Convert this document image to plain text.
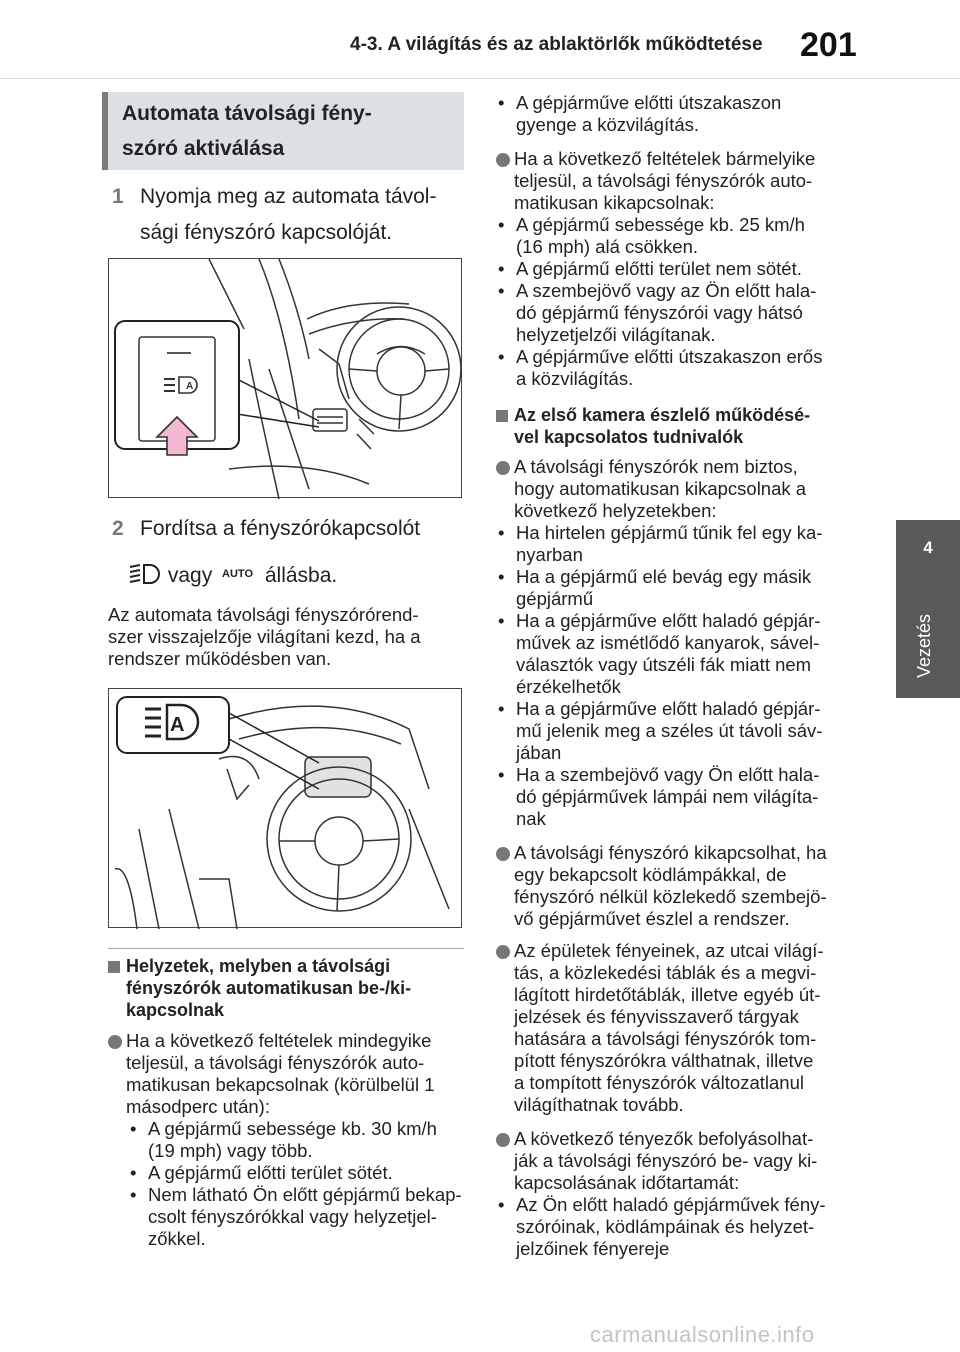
4-3. A világítás és az ablaktörlők működtetése 201
4
Vezetés
Automata távolsági fény-
szóró aktiválása
1 Nyomja meg az automata távol-
sági fényszóró kapcsolóját.
A
2 Fordítsa a fényszórókapcsolót
vagy $^{AUTO}$ állásba.
Az automata távolsági fényszórórend-
szer visszajelzője világítani kezd, ha a
rendszer működésben van.
A
Helyzetek, melyben a távolsági
fényszórók automatikusan be-/ki-
kapcsolnak
Ha a következő feltételek mindegyike
teljesül, a távolsági fényszórók auto-
matikusan bekapcsolnak (körülbelül 1
másodperc után):
• A gépjármű sebessége kb. 30 km/h
(19 mph) vagy több.
• A gépjármű előtti terület sötét.
• Nem látható Ön előtt gépjármű bekap-
csolt fényszórókkal vagy helyzetjel-
zőkkel.
• A gépjárműve előtti útszakaszon
gyenge a közvilágítás.
Ha a következő feltételek bármelyike
teljesül, a távolsági fényszórók auto-
matikusan kikapcsolnak:
• A gépjármű sebessége kb. 25 km/h
(16 mph) alá csökken.
• A gépjármű előtti terület nem sötét.
• A szembejövő vagy az Ön előtt hala-
dó gépjármű fényszórói vagy hátsó
helyzetjelzői világítanak.
• A gépjárműve előtti útszakaszon erős
a közvilágítás.
Az első kamera észlelő működésé-
vel kapcsolatos tudnivalók
A távolsági fényszórók nem biztos,
hogy automatikusan kikapcsolnak a
következő helyzetekben:
• Ha hirtelen gépjármű tűnik fel egy ka-
nyarban
• Ha a gépjármű elé bevág egy másik
gépjármű
• Ha a gépjárműve előtt haladó gépjár-
művek az ismétlődő kanyarok, sável-
választók vagy útszéli fák miatt nem
érzékelhetők
• Ha a gépjárműve előtt haladó gépjár-
mű jelenik meg a széles út távoli sáv-
jában
• Ha a szembejövő vagy Ön előtt hala-
dó gépjárművek lámpái nem világíta-
nak
A távolsági fényszóró kikapcsolhat, ha
egy bekapcsolt ködlámpákkal, de
fényszóró nélkül közlekedő szembejö-
vő gépjárművet észlel a rendszer.
Az épületek fényeinek, az utcai világí-
tás, a közlekedési táblák és a megvi-
lágított hirdetőtáblák, illetve egyéb út-
jelzések és fényvisszaverő tárgyak
hatására a távolsági fényszórók tom-
pított fényszórókra válthatnak, illetve
a tompított fényszórók változatlanul
világíthatnak tovább.
A következő tényezők befolyásolhat-
ják a távolsági fényszóró be- vagy ki-
kapcsolásának időtartamát:
• Az Ön előtt haladó gépjárművek fény-
szóróinak, ködlámpáinak és helyzet-
jelzőinek fényereje
carmanualsonline.info
